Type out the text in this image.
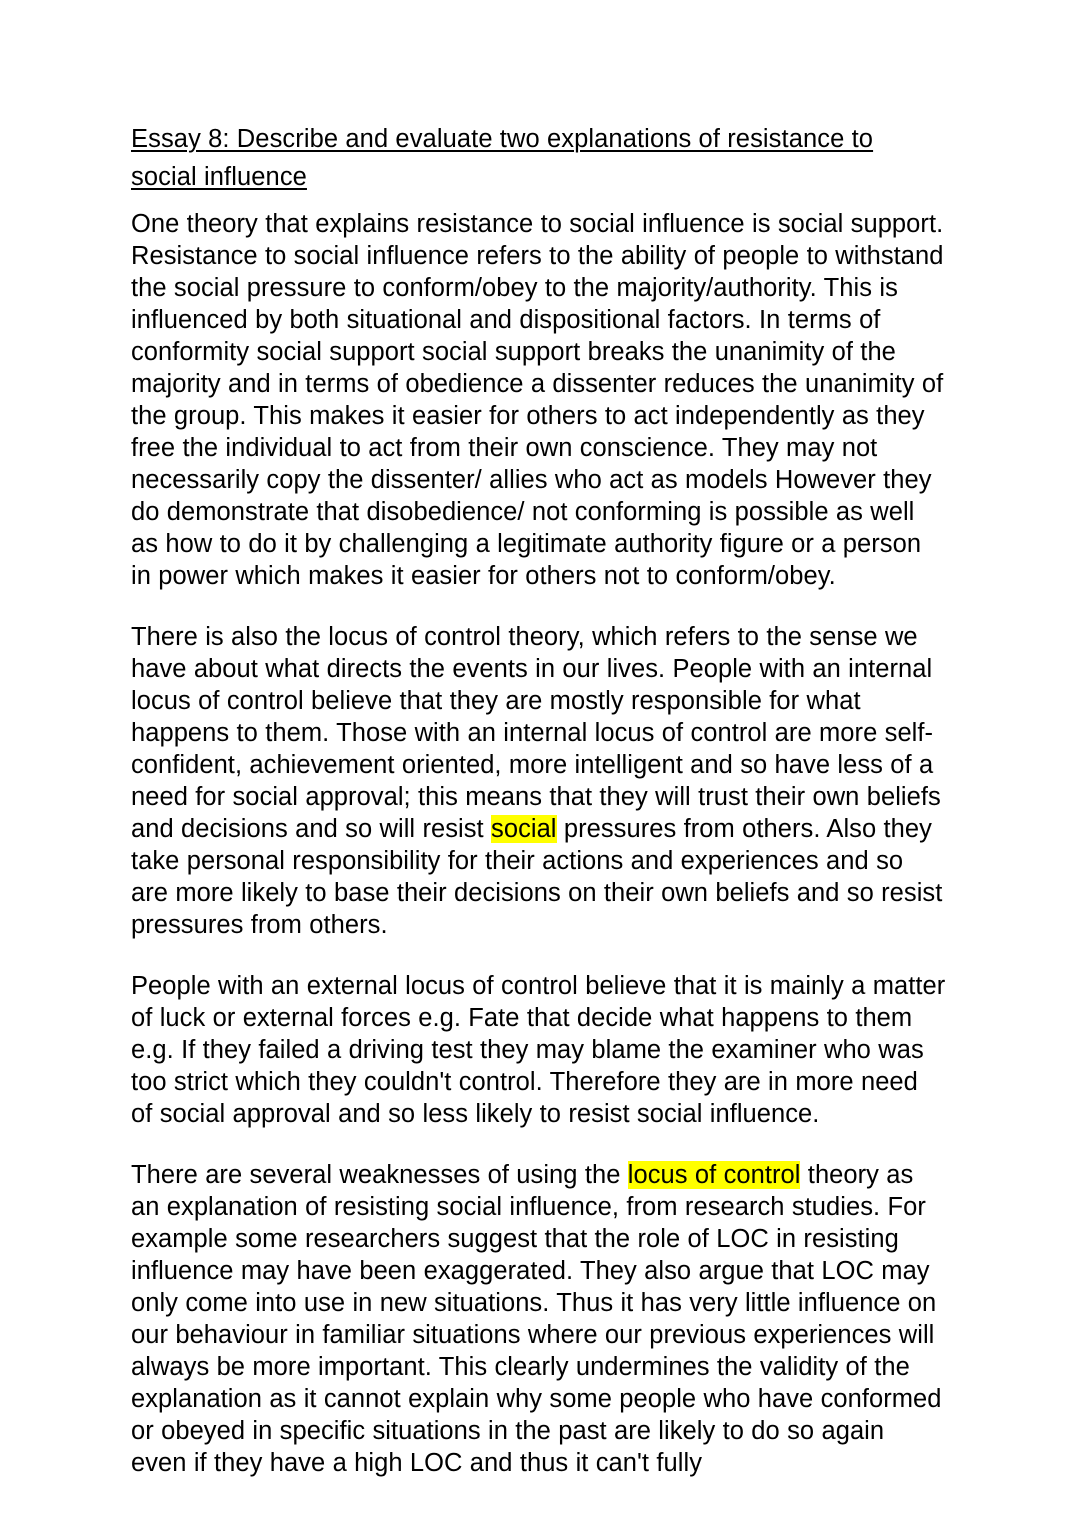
Essay 8: Describe and evaluate two explanations of resistance to social influence

One theory that explains resistance to social influence is social support. Resistance to social influence refers to the ability of people to withstand the social pressure to conform/obey to the majority/authority. This is influenced by both situational and dispositional factors. In terms of conformity social support social support breaks the unanimity of the majority and in terms of obedience a dissenter reduces the unanimity of the group. This makes it easier for others to act independently as they free the individual to act from their own conscience. They may not necessarily copy the dissenter/ allies who act as models However they do demonstrate that disobedience/ not conforming is possible as well as how to do it by challenging a legitimate authority figure or a person in power which makes it easier for others not to conform/obey.

There is also the locus of control theory, which refers to the sense we have about what directs the events in our lives. People with an internal locus of control believe that they are mostly responsible for what happens to them. Those with an internal locus of control are more self- confident, achievement oriented, more intelligent and so have less of a need for social approval; this means that they will trust their own beliefs and decisions and so will resist social pressures from others. Also they take personal responsibility for their actions and experiences and so are more likely to base their decisions on their own beliefs and so resist pressures from others.

People with an external locus of control believe that it is mainly a matter of luck or external forces e.g. Fate that decide what happens to them e.g. If they failed a driving test they may blame the examiner who was too strict which they couldn't control. Therefore they are in more need of social approval and so less likely to resist social influence.

There are several weaknesses of using the locus of control theory as an explanation of resisting social influence, from research studies. For example some researchers suggest that the role of LOC in resisting influence may have been exaggerated. They also argue that LOC may only come into use in new situations. Thus it has very little influence on our behaviour in familiar situations where our previous experiences will always be more important. This clearly undermines the validity of the explanation as it cannot explain why some people who have conformed or obeyed in specific situations in the past are likely to do so again even if they have a high LOC and thus it can't fully
